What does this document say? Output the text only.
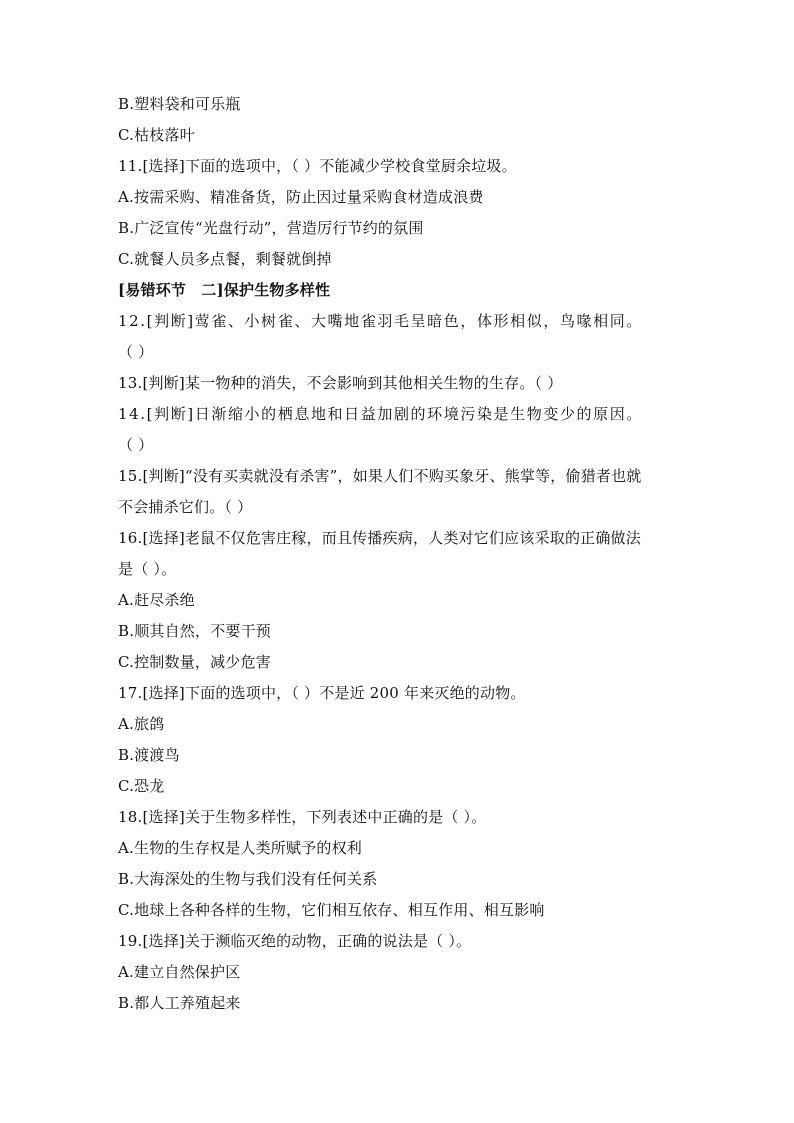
B.塑料袋和可乐瓶
C.枯枝落叶
11.[选择]下面的选项中，（ ）不能减少学校食堂厨余垃圾。
A.按需采购、精准备货，防止因过量采购食材造成浪费
B.广泛宣传“光盘行动”，营造厉行节约的氛围
C.就餐人员多点餐，剩餐就倒掉
[易错环节　二]保护生物多样性
12.[判断]莺雀、小树雀、大嘴地雀羽毛呈暗色，体形相似，鸟喙相同。
（ ）
13.[判断]某一物种的消失，不会影响到其他相关生物的生存。（ ）
14.[判断]日渐缩小的栖息地和日益加剧的环境污染是生物变少的原因。
（ ）
15.[判断]“没有买卖就没有杀害”，如果人们不购买象牙、熊掌等，偷猎者也就
不会捕杀它们。（ ）
16.[选择]老鼠不仅危害庄稼，而且传播疾病，人类对它们应该采取的正确做法
是（ ）。
A.赶尽杀绝
B.顺其自然，不要干预
C.控制数量，减少危害
17.[选择]下面的选项中，（ ）不是近 200 年来灭绝的动物。
A.旅鸽
B.渡渡鸟
C.恐龙
18.[选择]关于生物多样性，下列表述中正确的是（ ）。
A.生物的生存权是人类所赋予的权利
B.大海深处的生物与我们没有任何关系
C.地球上各种各样的生物，它们相互依存、相互作用、相互影响
19.[选择]关于濒临灭绝的动物，正确的说法是（ ）。
A.建立自然保护区
B.都人工养殖起来
